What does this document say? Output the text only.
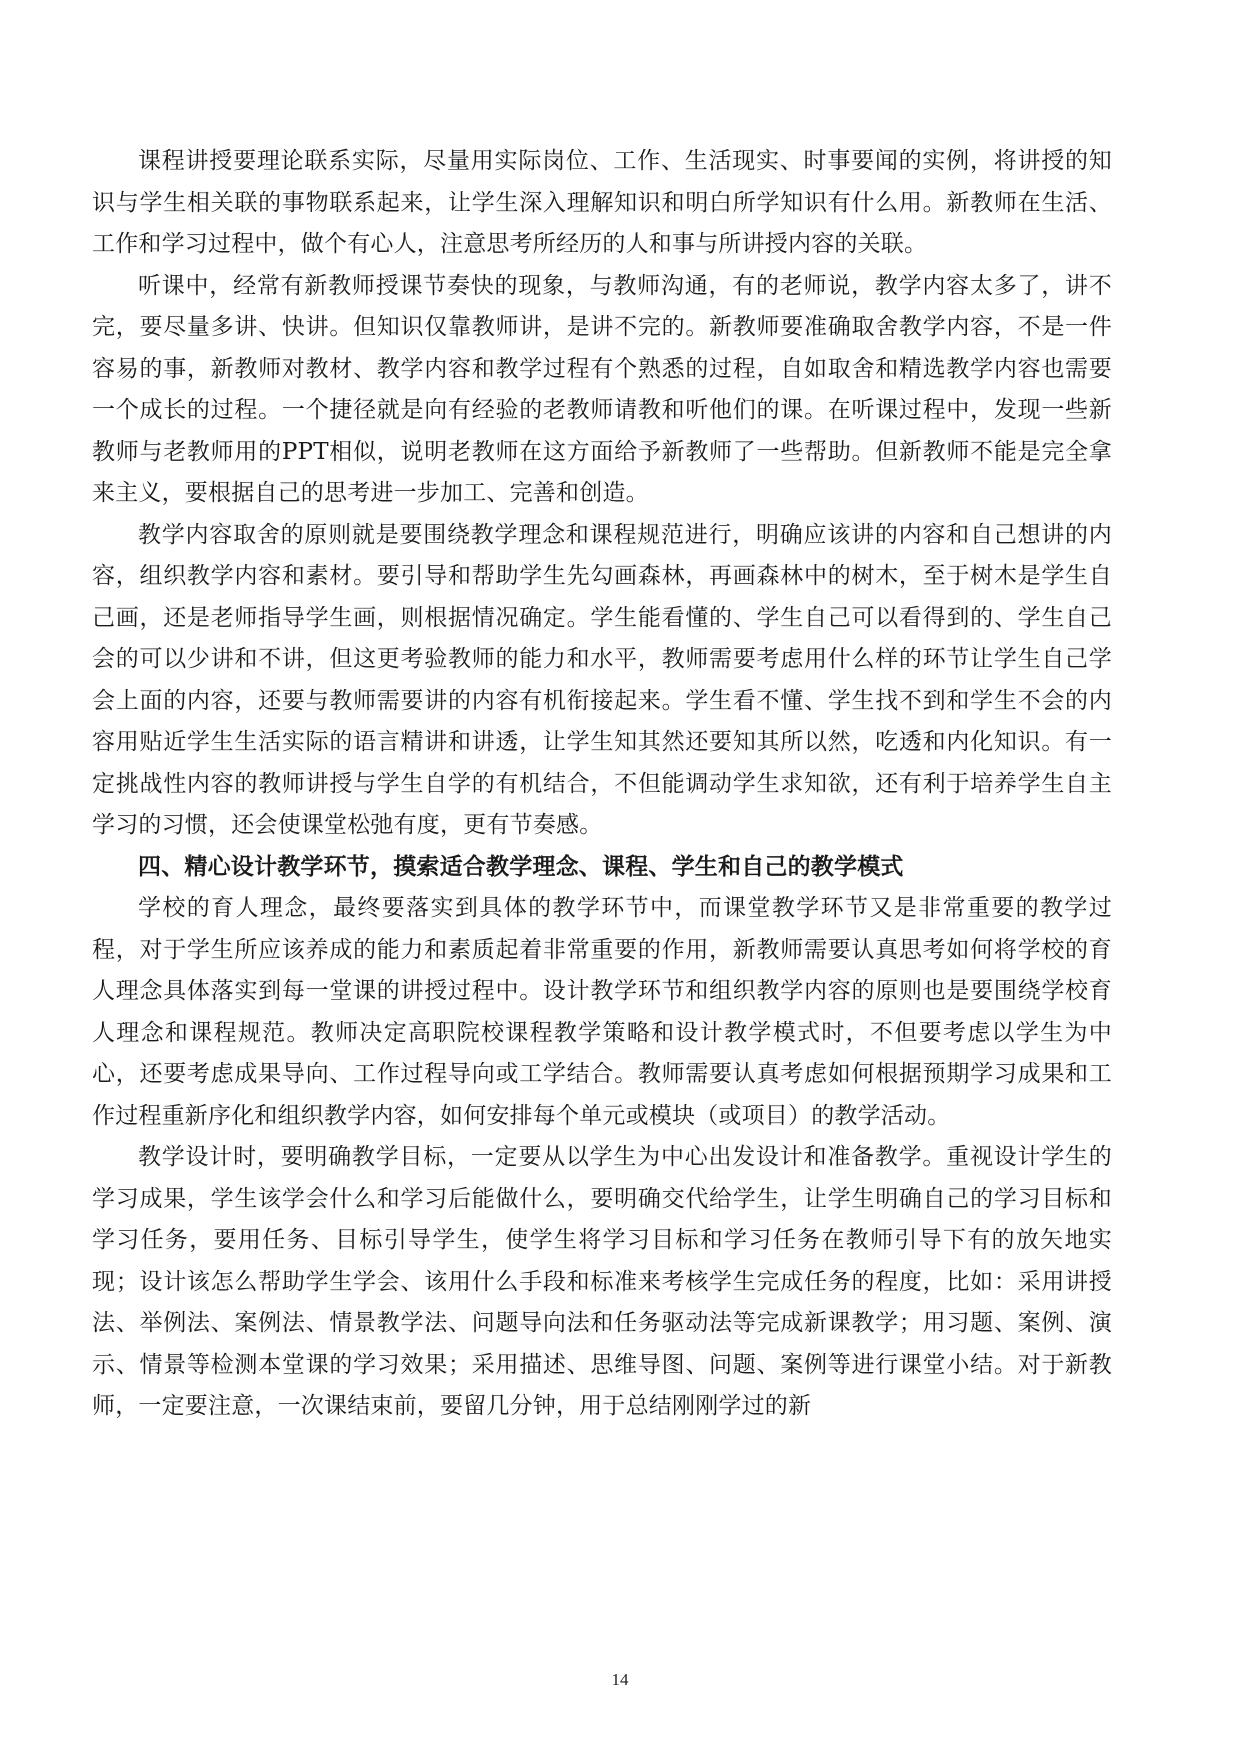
课程讲授要理论联系实际，尽量用实际岗位、工作、生活现实、时事要闻的实例，将讲授的知识与学生相关联的事物联系起来，让学生深入理解知识和明白所学知识有什么用。新教师在生活、工作和学习过程中，做个有心人，注意思考所经历的人和事与所讲授内容的关联。

听课中，经常有新教师授课节奏快的现象，与教师沟通，有的老师说，教学内容太多了，讲不完，要尽量多讲、快讲。但知识仅靠教师讲，是讲不完的。新教师要准确取舍教学内容，不是一件容易的事，新教师对教材、教学内容和教学过程有个熟悉的过程，自如取舍和精选教学内容也需要一个成长的过程。一个捷径就是向有经验的老教师请教和听他们的课。在听课过程中，发现一些新教师与老教师用的PPT相似，说明老教师在这方面给予新教师了一些帮助。但新教师不能是完全拿来主义，要根据自己的思考进一步加工、完善和创造。

教学内容取舍的原则就是要围绕教学理念和课程规范进行，明确应该讲的内容和自己想讲的内容，组织教学内容和素材。要引导和帮助学生先勾画森林，再画森林中的树木，至于树木是学生自己画，还是老师指导学生画，则根据情况确定。学生能看懂的、学生自己可以看得到的、学生自己会的可以少讲和不讲，但这更考验教师的能力和水平，教师需要考虑用什么样的环节让学生自己学会上面的内容，还要与教师需要讲的内容有机衔接起来。学生看不懂、学生找不到和学生不会的内容用贴近学生生活实际的语言精讲和讲透，让学生知其然还要知其所以然，吃透和内化知识。有一定挑战性内容的教师讲授与学生自学的有机结合，不但能调动学生求知欲，还有利于培养学生自主学习的习惯，还会使课堂松弛有度，更有节奏感。

四、精心设计教学环节，摸索适合教学理念、课程、学生和自己的教学模式

学校的育人理念，最终要落实到具体的教学环节中，而课堂教学环节又是非常重要的教学过程，对于学生所应该养成的能力和素质起着非常重要的作用，新教师需要认真思考如何将学校的育人理念具体落实到每一堂课的讲授过程中。设计教学环节和组织教学内容的原则也是要围绕学校育人理念和课程规范。教师决定高职院校课程教学策略和设计教学模式时，不但要考虑以学生为中心，还要考虑成果导向、工作过程导向或工学结合。教师需要认真考虑如何根据预期学习成果和工作过程重新序化和组织教学内容，如何安排每个单元或模块（或项目）的教学活动。

教学设计时，要明确教学目标，一定要从以学生为中心出发设计和准备教学。重视设计学生的学习成果，学生该学会什么和学习后能做什么，要明确交代给学生，让学生明确自己的学习目标和学习任务，要用任务、目标引导学生，使学生将学习目标和学习任务在教师引导下有的放矢地实现；设计该怎么帮助学生学会、该用什么手段和标准来考核学生完成任务的程度，比如：采用讲授法、举例法、案例法、情景教学法、问题导向法和任务驱动法等完成新课教学；用习题、案例、演示、情景等检测本堂课的学习效果；采用描述、思维导图、问题、案例等进行课堂小结。对于新教师，一定要注意，一次课结束前，要留几分钟，用于总结刚刚学过的新

14
